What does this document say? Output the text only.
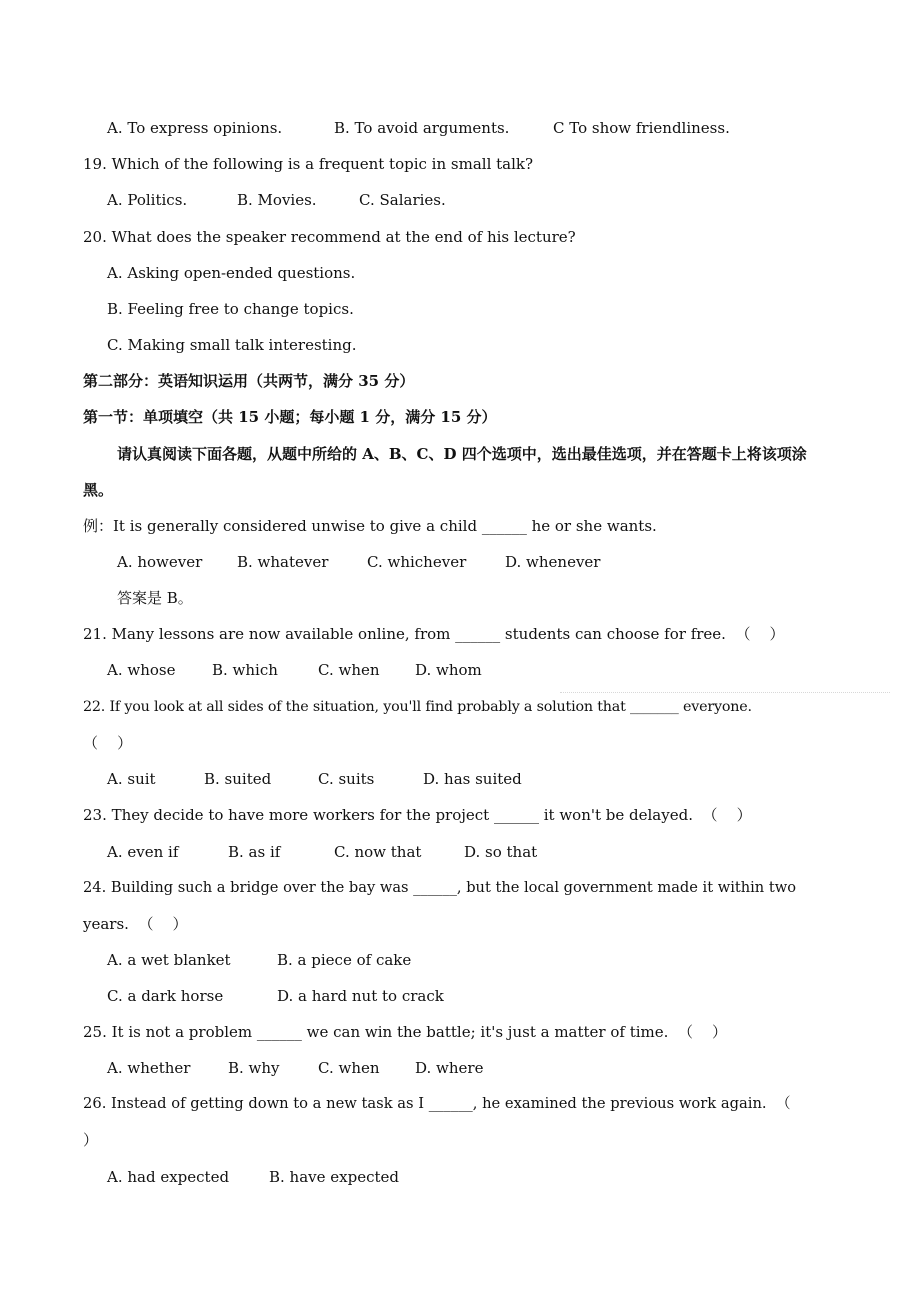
A. To express opinions.	B. To avoid arguments.	C To show friendliness.
19. Which of the following is a frequent topic in small talk?
A. Politics.	B. Movies.	C. Salaries.
20. What does the speaker recommend at the end of his lecture?
A. Asking open-ended questions.
B. Feeling free to change topics.
C. Making small talk interesting.
第二部分：英语知识运用（共两节，满分 35 分）
第一节：单项填空（共 15 小题；每小题 1 分，满分 15 分）
请认真阅读下面各题，从题中所给的 A、B、C、D 四个选项中，选出最佳选项，并在答题卡上将该项涂
黑。
例：It is generally considered unwise to give a child ______ he or she wants.
A. however B. whatever	C. whichever	D. whenever
答案是 B。
21. Many lessons are now available online, from ______ students can choose for free.  （    ）
A. whose B. which	C. when D. whom
22. If you look at all sides of the situation, you'll find probably a solution that _______ everyone.
（    ）
A. suit	B. suited	C. suits	D. has suited
23. They decide to have more workers for the project ______ it won't be delayed.  （    ）
A. even if	B. as if	C. now that	D. so that
24. Building such a bridge over the bay was ______, but the local government made it within two
years.  （    ）
A. a wet blanket	B. a piece of cake
C. a dark horse	D. a hard nut to crack
25. It is not a problem ______ we can win the battle; it's just a matter of time.  （    ）
A. whether	B. why	C. when D. where
26. Instead of getting down to a new task as I ______, he examined the previous work again.  （
）
A. had expected	B. have expected
